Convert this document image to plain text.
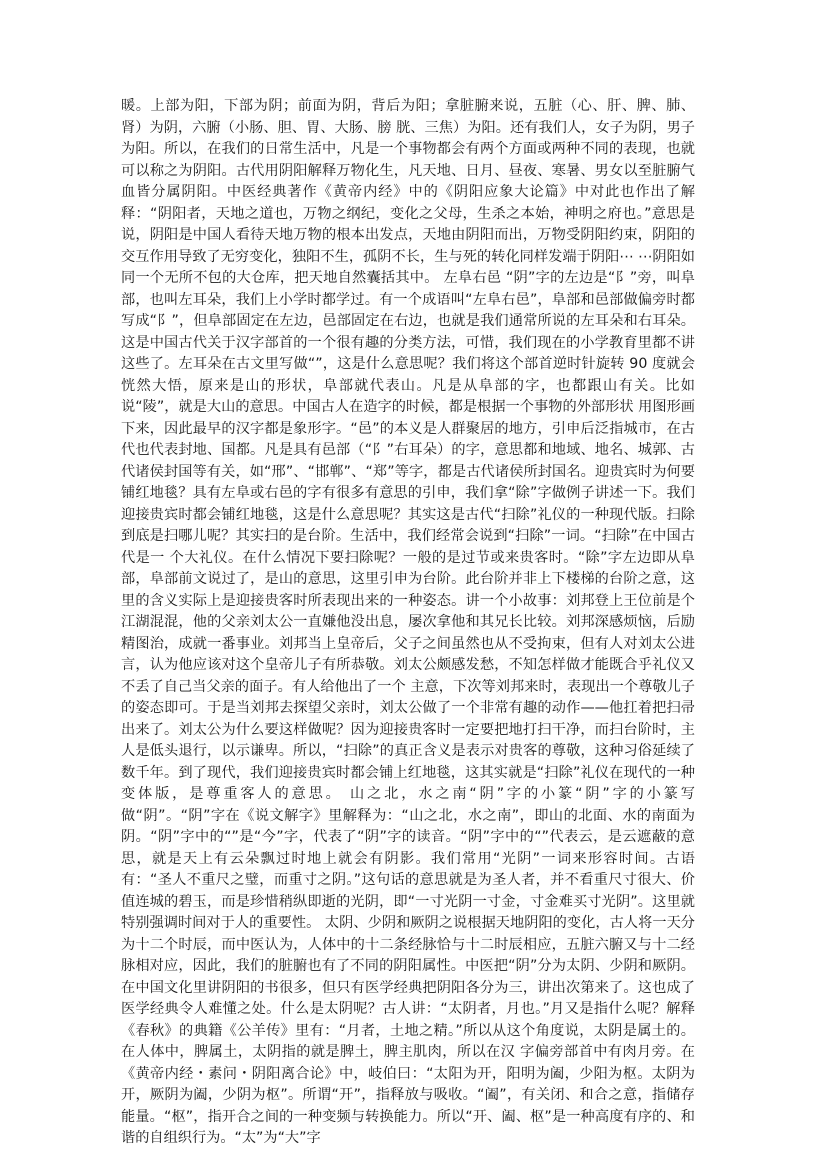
暖。上部为阳，下部为阴；前面为阴，背后为阳；拿脏腑来说，五脏（心、肝、脾、肺、肾）为阴，六腑（小肠、胆、胃、大肠、膀 胱、三焦）为阳。还有我们人，女子为阴，男子为阳。所以，在我们的日常生活中，凡是一个事物都会有两个方面或两种不同的表现，也就可以称之为阴阳。古代用阴阳解释万物化生，凡天地、日月、昼夜、寒暑、男女以至脏腑气血皆分属阴阳。中医经典著作《黄帝内经》中的《阴阳应象大论篇》中对此也作出了解释：“阴阳者，天地之道也，万物之纲纪，变化之父母，生杀之本始，神明之府也。”意思是说，阴阳是中国人看待天地万物的根本出发点，天地由阴阳而出，万物受阴阳约束，阴阳的交互作用导致了无穷变化，独阳不生，孤阴不长，生与死的转化同样发端于阴阳⋯ ⋯阴阳如同一个无所不包的大仓库，把天地自然囊括其中。 左阜右邑 “阴”字的左边是“阝”旁，叫阜部，也叫左耳朵，我们上小学时都学过。有一个成语叫“左阜右邑”，阜部和邑部做偏旁时都写成“阝”，但阜部固定在左边，邑部固定在右边，也就是我们通常所说的左耳朵和右耳朵。这是中国古代关于汉字部首的一个很有趣的分类方法，可惜，我们现在的小学教育里都不讲这些了。左耳朵在古文里写做“”，这是什么意思呢？我们将这个部首逆时针旋转 90 度就会恍然大悟，原来是山的形状，阜部就代表山。凡是从阜部的字，也都跟山有关。比如说“陵”，就是大山的意思。中国古人在造字的时候，都是根据一个事物的外部形状 用图形画下来，因此最早的汉字都是象形字。“邑”的本义是人群聚居的地方，引申后泛指城市，在古代也代表封地、国都。凡是具有邑部（“阝”右耳朵）的字，意思都和地域、地名、城郭、古代诸侯封国等有关，如“邢”、“邯郸”、“郑”等字，都是古代诸侯所封国名。迎贵宾时为何要铺红地毯？具有左阜或右邑的字有很多有意思的引申，我们拿“除”字做例子讲述一下。我们迎接贵宾时都会铺红地毯，这是什么意思呢？其实这是古代“扫除”礼仪的一种现代版。扫除到底是扫哪儿呢？其实扫的是台阶。生活中，我们经常会说到“扫除”一词。“扫除”在中国古代是一 个大礼仪。在什么情况下要扫除呢？一般的是过节或来贵客时。“除”字左边即从阜部，阜部前文说过了，是山的意思，这里引申为台阶。此台阶并非上下楼梯的台阶之意，这里的含义实际上是迎接贵客时所表现出来的一种姿态。讲一个小故事：刘邦登上王位前是个江湖混混，他的父亲刘太公一直嫌他没出息，屡次拿他和其兄长比较。刘邦深感烦恼，后励精图治，成就一番事业。刘邦当上皇帝后，父子之间虽然也从不受拘束，但有人对刘太公进言，认为他应该对这个皇帝儿子有所恭敬。刘太公颇感发愁，不知怎样做才能既合乎礼仪又不丢了自己当父亲的面子。有人给他出了一个 主意，下次等刘邦来时，表现出一个尊敬儿子的姿态即可。于是当刘邦去探望父亲时，刘太公做了一个非常有趣的动作——他扛着把扫帚出来了。刘太公为什么要这样做呢？因为迎接贵客时一定要把地打扫干净，而扫台阶时，主人是低头退行，以示谦卑。所以，“扫除”的真正含义是表示对贵客的尊敬，这种习俗延续了数千年。到了现代，我们迎接贵宾时都会铺上红地毯，这其实就是“扫除”礼仪在现代的一种变体版，是尊重客人的意思。 山之北，水之南“阴”字的小篆“阴”字的小篆写做“阴”。“阴”字在《说文解字》里解释为：“山之北，水之南”，即山的北面、水的南面为阴。“阴”字中的“”是“今”字，代表了“阴”字的读音。“阴”字中的“”代表云，是云遮蔽的意思，就是天上有云朵飘过时地上就会有阴影。我们常用“光阴”一词来形容时间。古语有：“圣人不重尺之璧，而重寸之阴。”这句话的意思就是为圣人者，并不看重尺寸很大、价值连城的碧玉，而是珍惜稍纵即逝的光阴，即“一寸光阴一寸金，寸金难买寸光阴”。这里就特别强调时间对于人的重要性。 太阴、少阴和厥阴之说根据天地阴阳的变化，古人将一天分为十二个时辰，而中医认为，人体中的十二条经脉恰与十二时辰相应，五脏六腑又与十二经脉相对应，因此，我们的脏腑也有了不同的阴阳属性。中医把“阴”分为太阴、少阴和厥阴。在中国文化里讲阴阳的书很多，但只有医学经典把阴阳各分为三，讲出次第来了。这也成了医学经典令人难懂之处。什么是太阴呢？古人讲：“太阴者，月也。”月又是指什么呢？解释《春秋》的典籍《公羊传》里有：“月者，土地之精。”所以从这个角度说，太阴是属土的。在人体中，脾属土，太阴指的就是脾土，脾主肌肉，所以在汉 字偏旁部首中有肉月旁。在《黄帝内经・素问・阴阳离合论》中，岐伯曰：“太阳为开，阳明为阖，少阳为枢。太阴为开，厥阴为阖，少阴为枢”。所谓“开”，指释放与吸收。“阖”，有关闭、和合之意，指储存能量。“枢”，指开合之间的一种变频与转换能力。所以“开、阖、枢”是一种高度有序的、和谐的自组织行为。“太”为“大”字
